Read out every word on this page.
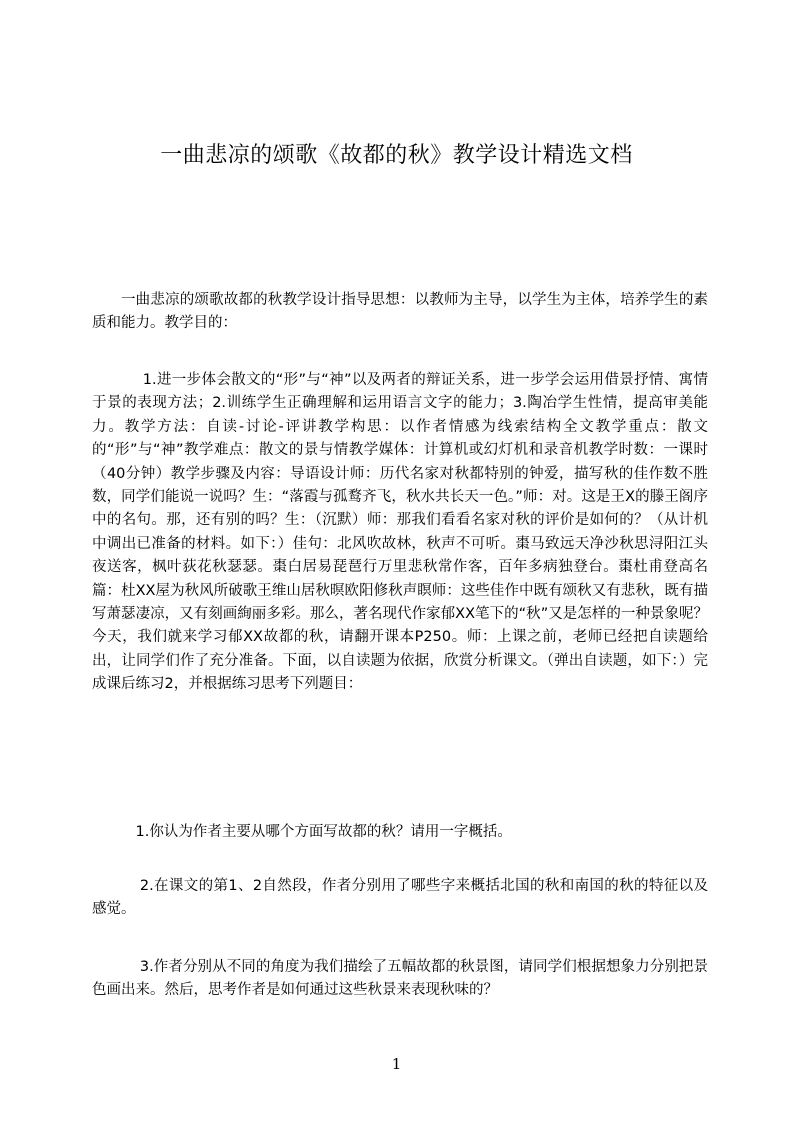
一曲悲凉的颂歌《故都的秋》教学设计精选文档

一曲悲凉的颂歌故都的秋教学设计指导思想：以教师为主导，以学生为主体，培养学生的素质和能力。教学目的：

1.进一步体会散文的“形”与“神”以及两者的辩证关系，进一步学会运用借景抒情、寓情于景的表现方法；2.训练学生正确理解和运用语言文字的能力；3.陶冶学生性情，提高审美能力。教学方法：自读-讨论-评讲教学构思：以作者情感为线索结构全文教学重点：散文的“形”与“神”教学难点：散文的景与情教学媒体：计算机或幻灯机和录音机教学时数：一课时（40分钟）教学步骤及内容：导语设计师：历代名家对秋都特别的钟爱，描写秋的佳作数不胜数，同学们能说一说吗？生：“落霞与孤鹜齐飞，秋水共长天一色。”师：对。这是王X的滕王阁序中的名句。那，还有别的吗？生：（沉默）师：那我们看看名家对秋的评价是如何的？（从计机中调出已准备的材料。如下：）佳句：北风吹故林，秋声不可听。棗马致远天净沙秋思浔阳江头夜送客，枫叶荻花秋瑟瑟。棗白居易琵琶行万里悲秋常作客，百年多病独登台。棗杜甫登高名篇：杜XX屋为秋风所破歌王维山居秋暝欧阳修秋声瞑师：这些佳作中既有颂秋又有悲秋，既有描写萧瑟凄凉，又有刻画絢丽多彩。那么，著名现代作家郁XX笔下的“秋”又是怎样的一种景象呢？今天，我们就来学习郁XX故都的秋，请翻开课本P250。师：上课之前，老师已经把自读题给出，让同学们作了充分准备。下面，以自读题为依据，欣赏分析课文。（弹出自读题，如下：）完成课后练习2，并根据练习思考下列题目：

1.你认为作者主要从哪个方面写故都的秋？请用一字概括。

2.在课文的第1、2自然段，作者分别用了哪些字来概括北国的秋和南国的秋的特征以及感觉。

3.作者分别从不同的角度为我们描绘了五幅故都的秋景图，请同学们根据想象力分别把景色画出来。然后，思考作者是如何通过这些秋景来表现秋味的？

1
